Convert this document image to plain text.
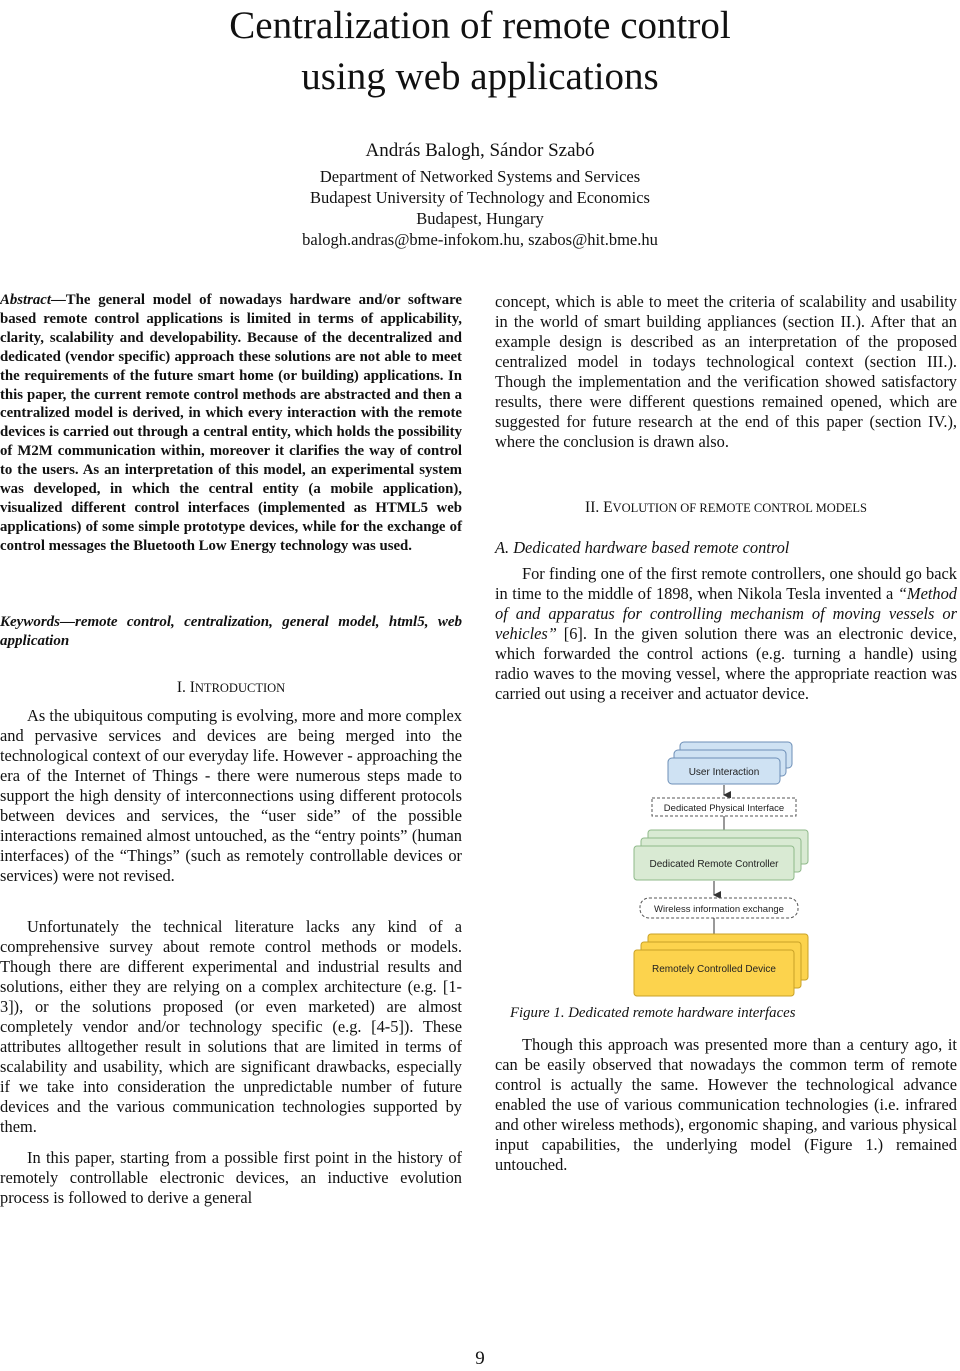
Centralization of remote control
using web applications
András Balogh, Sándor Szabó
Department of Networked Systems and Services
Budapest University of Technology and Economics
Budapest, Hungary
balogh.andras@bme-infokom.hu, szabos@hit.bme.hu
Abstract—The general model of nowadays hardware and/or software based remote control applications is limited in terms of applicability, clarity, scalability and developability. Because of the decentralized and dedicated (vendor specific) approach these solutions are not able to meet the requirements of the future smart home (or building) applications. In this paper, the current remote control methods are abstracted and then a centralized model is derived, in which every interaction with the remote devices is carried out through a central entity, which holds the possibility of M2M communication within, moreover it clarifies the way of control to the users. As an interpretation of this model, an experimental system was developed, in which the central entity (a mobile application), visualized different control interfaces (implemented as HTML5 web applications) of some simple prototype devices, while for the exchange of control messages the Bluetooth Low Energy technology was used.
Keywords—remote control, centralization, general model, html5, web application
I. INTRODUCTION

As the ubiquitous computing is evolving, more and more complex and pervasive services and devices are being merged into the technological context of our everyday life. However - approaching the era of the Internet of Things - there were numerous steps made to support the high density of interconnections using different protocols between devices and services, the “user side” of the possible interactions remained almost untouched, as the “entry points” (human interfaces) of the “Things” (such as remotely controllable devices or services) were not revised.

Unfortunately the technical literature lacks any kind of a comprehensive survey about remote control methods or models. Though there are different experimental and industrial results and solutions, either they are relying on a complex architecture (e.g. [1-3]), or the solutions proposed (or even marketed) are almost completely vendor and/or technology specific (e.g. [4-5]). These attributes alltogether result in solutions that are limited in terms of scalability and usability, which are significant drawbacks, especially if we take into consideration the unpredictable number of future devices and the various communication technologies supported by them.

In this paper, starting from a possible first point in the history of remotely controllable electronic devices, an inductive evolution process is followed to derive a general

concept, which is able to meet the criteria of scalability and usability in the world of smart building appliances (section II.). After that an example design is described as an interpretation of the proposed centralized model in todays technological context (section III.). Though the implementation and the verification showed satisfactory results, there were different questions remained opened, which are suggested for future research at the end of this paper (section IV.), where the conclusion is drawn also.
II. EVOLUTION OF REMOTE CONTROL MODELS
A. Dedicated hardware based remote control

For finding one of the first remote controllers, one should go back in time to the middle of 1898, when Nikola Tesla invented a “Method of and apparatus for controlling mechanism of moving vessels or vehicles” [6]. In the given solution there was an electronic device, which forwarded the control actions (e.g. turning a handle) using radio waves to the moving vessel, where the appropriate reaction was carried out using a receiver and actuator device.

User Interaction
Dedicated Physical Interface
Dedicated Remote Controller
Wireless information exchange
Remotely Controlled Device
Figure 1. Dedicated remote hardware interfaces

Though this approach was presented more than a century ago, it can be easily observed that nowadays the common term of remote control is actually the same. However the technological advance enabled the use of various communication technologies (i.e. infrared and other wireless methods), ergonomic shaping, and various physical input capabilities, the underlying model (Figure 1.) remained untouched.

9
